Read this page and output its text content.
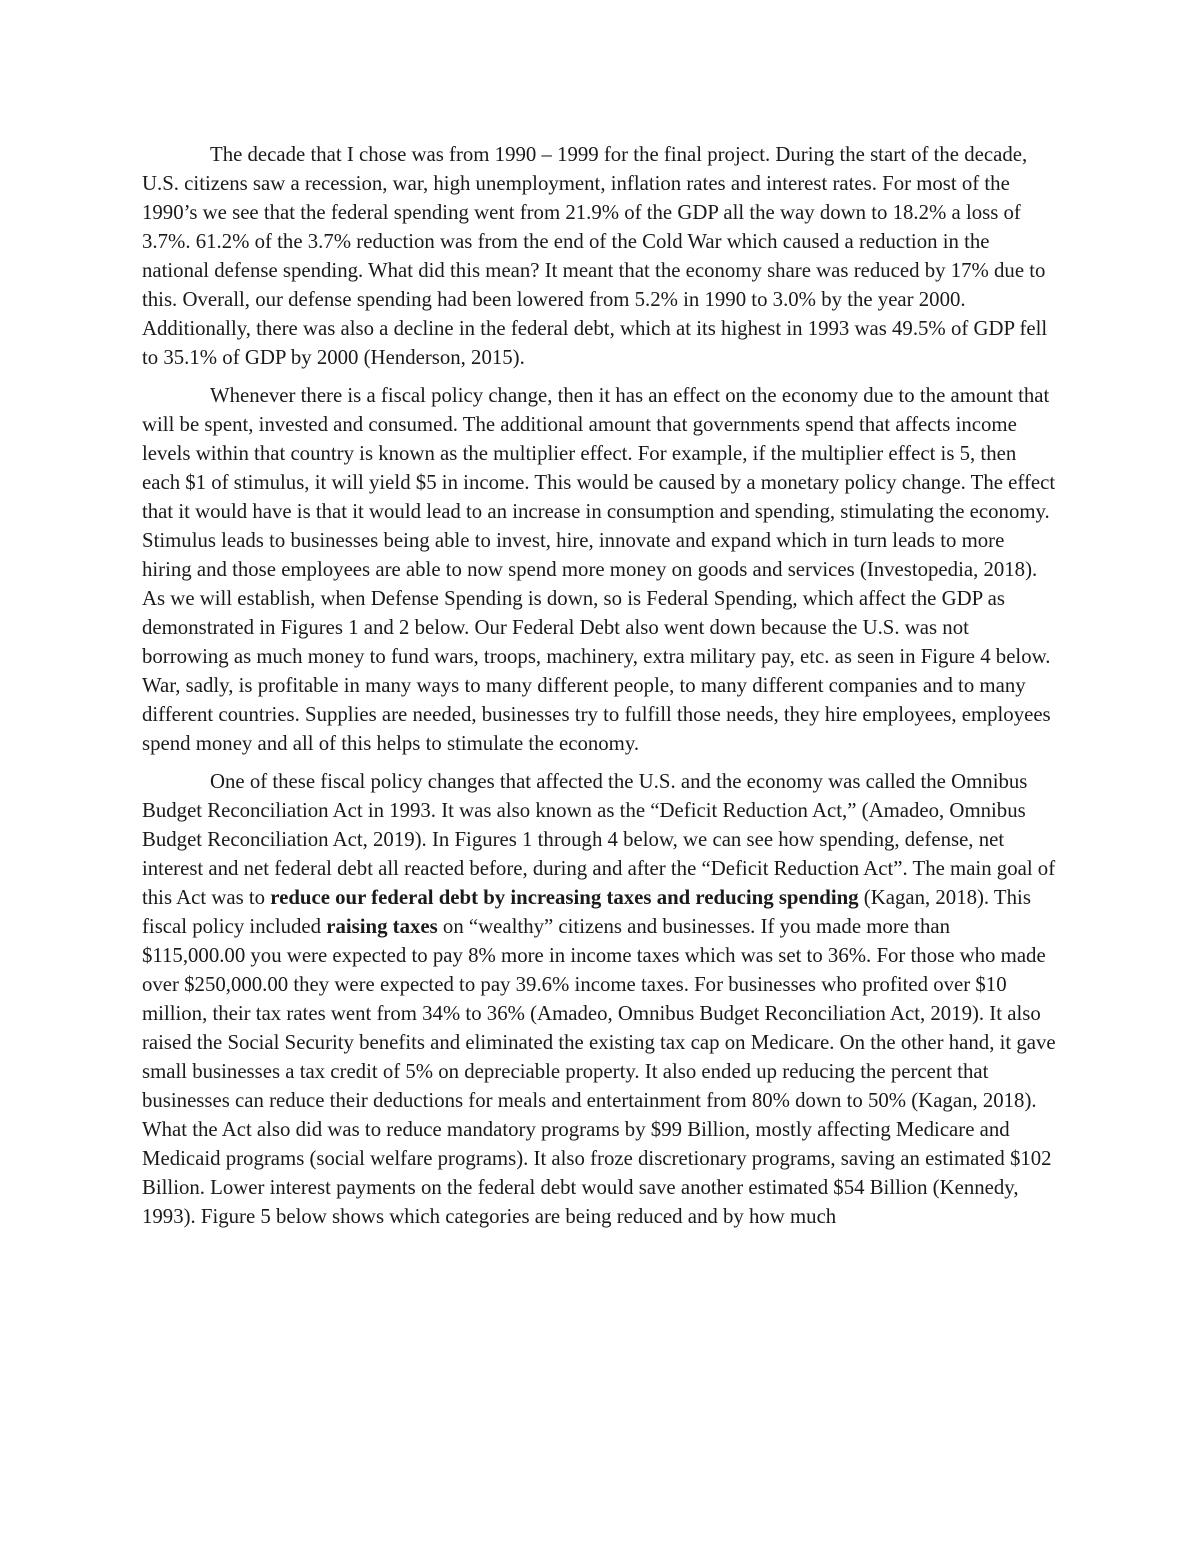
The decade that I chose was from 1990 – 1999 for the final project. During the start of the decade, U.S. citizens saw a recession, war, high unemployment, inflation rates and interest rates. For most of the 1990’s we see that the federal spending went from 21.9% of the GDP all the way down to 18.2% a loss of 3.7%. 61.2% of the 3.7% reduction was from the end of the Cold War which caused a reduction in the national defense spending. What did this mean? It meant that the economy share was reduced by 17% due to this. Overall, our defense spending had been lowered from 5.2% in 1990 to 3.0% by the year 2000. Additionally, there was also a decline in the federal debt, which at its highest in 1993 was 49.5% of GDP fell to 35.1% of GDP by 2000 (Henderson, 2015).

Whenever there is a fiscal policy change, then it has an effect on the economy due to the amount that will be spent, invested and consumed. The additional amount that governments spend that affects income levels within that country is known as the multiplier effect. For example, if the multiplier effect is 5, then each $1 of stimulus, it will yield $5 in income. This would be caused by a monetary policy change. The effect that it would have is that it would lead to an increase in consumption and spending, stimulating the economy. Stimulus leads to businesses being able to invest, hire, innovate and expand which in turn leads to more hiring and those employees are able to now spend more money on goods and services (Investopedia, 2018). As we will establish, when Defense Spending is down, so is Federal Spending, which affect the GDP as demonstrated in Figures 1 and 2 below. Our Federal Debt also went down because the U.S. was not borrowing as much money to fund wars, troops, machinery, extra military pay, etc. as seen in Figure 4 below. War, sadly, is profitable in many ways to many different people, to many different companies and to many different countries. Supplies are needed, businesses try to fulfill those needs, they hire employees, employees spend money and all of this helps to stimulate the economy.

One of these fiscal policy changes that affected the U.S. and the economy was called the Omnibus Budget Reconciliation Act in 1993. It was also known as the “Deficit Reduction Act,” (Amadeo, Omnibus Budget Reconciliation Act, 2019). In Figures 1 through 4 below, we can see how spending, defense, net interest and net federal debt all reacted before, during and after the “Deficit Reduction Act”. The main goal of this Act was to reduce our federal debt by increasing taxes and reducing spending (Kagan, 2018). This fiscal policy included raising taxes on “wealthy” citizens and businesses. If you made more than $115,000.00 you were expected to pay 8% more in income taxes which was set to 36%. For those who made over $250,000.00 they were expected to pay 39.6% income taxes. For businesses who profited over $10 million, their tax rates went from 34% to 36% (Amadeo, Omnibus Budget Reconciliation Act, 2019). It also raised the Social Security benefits and eliminated the existing tax cap on Medicare. On the other hand, it gave small businesses a tax credit of 5% on depreciable property. It also ended up reducing the percent that businesses can reduce their deductions for meals and entertainment from 80% down to 50% (Kagan, 2018). What the Act also did was to reduce mandatory programs by $99 Billion, mostly affecting Medicare and Medicaid programs (social welfare programs). It also froze discretionary programs, saving an estimated $102 Billion. Lower interest payments on the federal debt would save another estimated $54 Billion (Kennedy, 1993). Figure 5 below shows which categories are being reduced and by how much
